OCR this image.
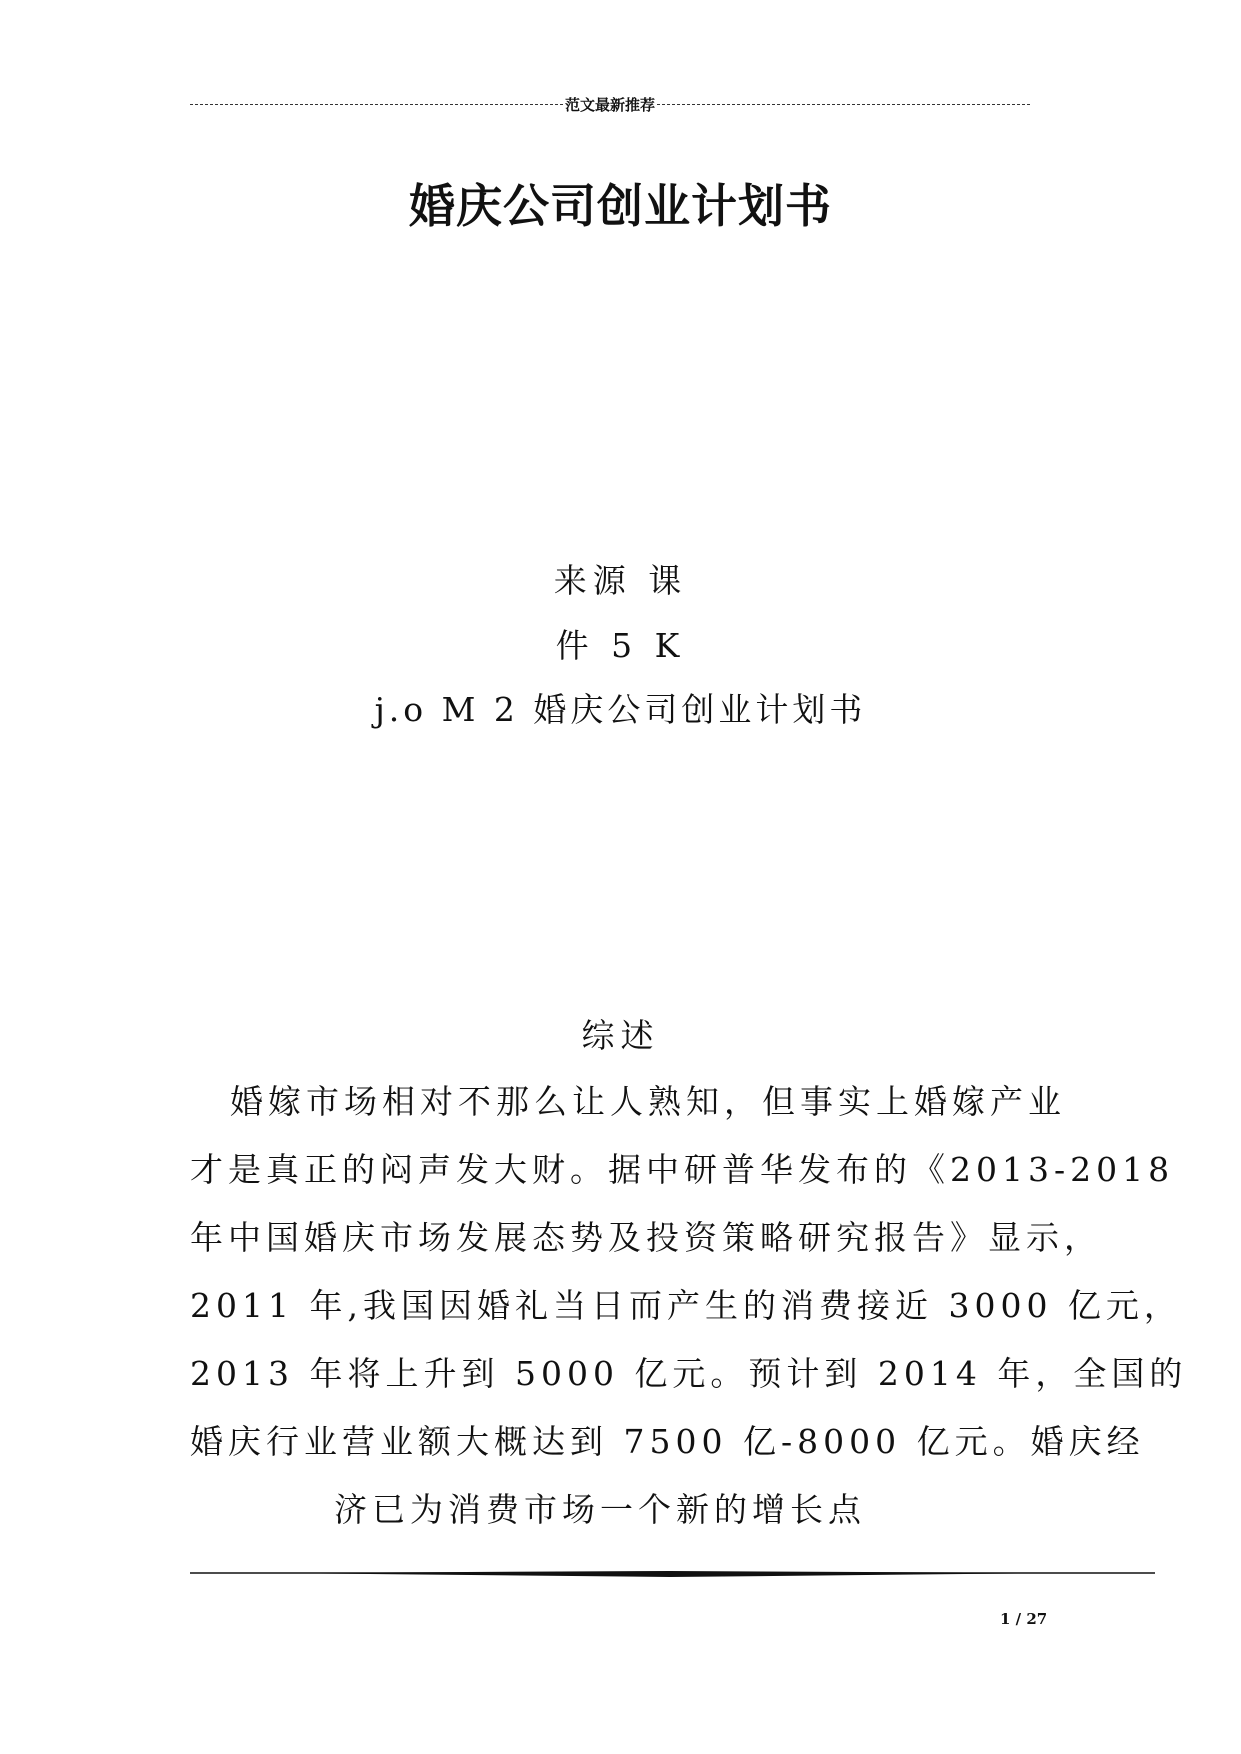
范文最新推荐
婚庆公司创业计划书
来源 课
件 5 K
j.o M 2 婚庆公司创业计划书
综述
婚嫁市场相对不那么让人熟知，但事实上婚嫁产业
才是真正的闷声发大财。据中研普华发布的《2013-2018
年中国婚庆市场发展态势及投资策略研究报告》显示，
2011 年,我国因婚礼当日而产生的消费接近 3000 亿元，
2013 年将上升到 5000 亿元。预计到 2014 年，全国的
婚庆行业营业额大概达到 7500 亿-8000 亿元。婚庆经
济已为消费市场一个新的增长点
1 / 27
